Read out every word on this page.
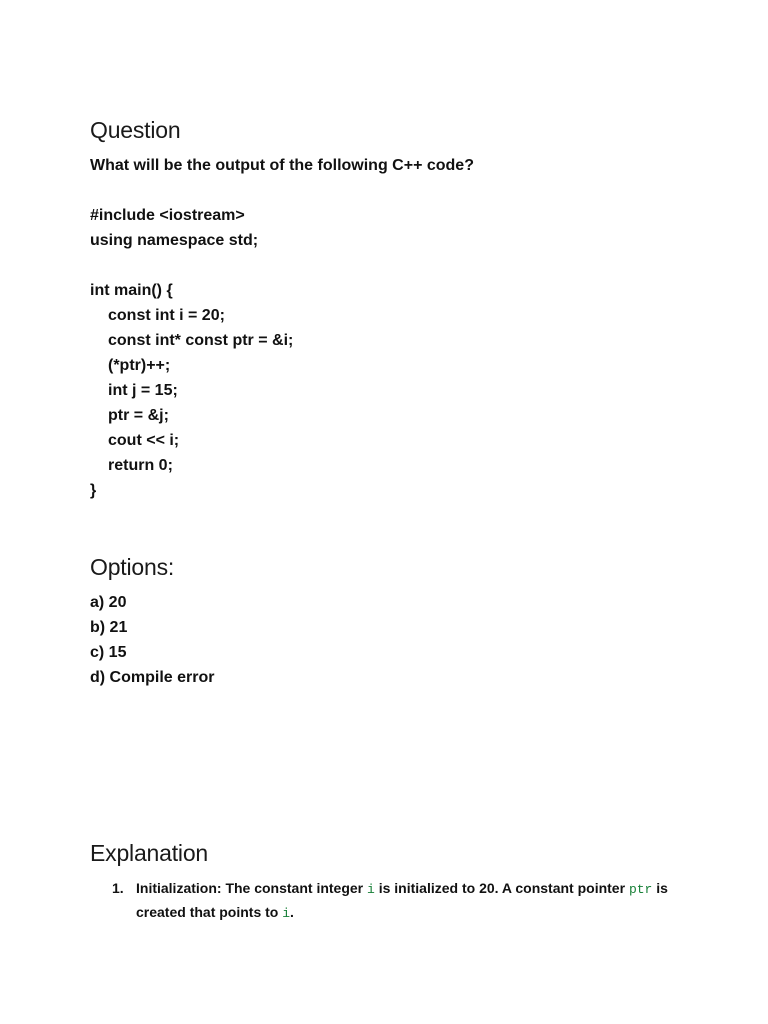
Question
What will be the output of the following C++ code?
#include <iostream>
using namespace std;
int main() {
const int i = 20;
const int* const ptr = &i;
(*ptr)++;
int j = 15;
ptr = &j;
cout << i;
return 0;
}
Options:
a) 20
b) 21
c) 15
d) Compile error
Explanation
1. Initialization: The constant integer i is initialized to 20. A constant pointer ptr is created that points to i.
